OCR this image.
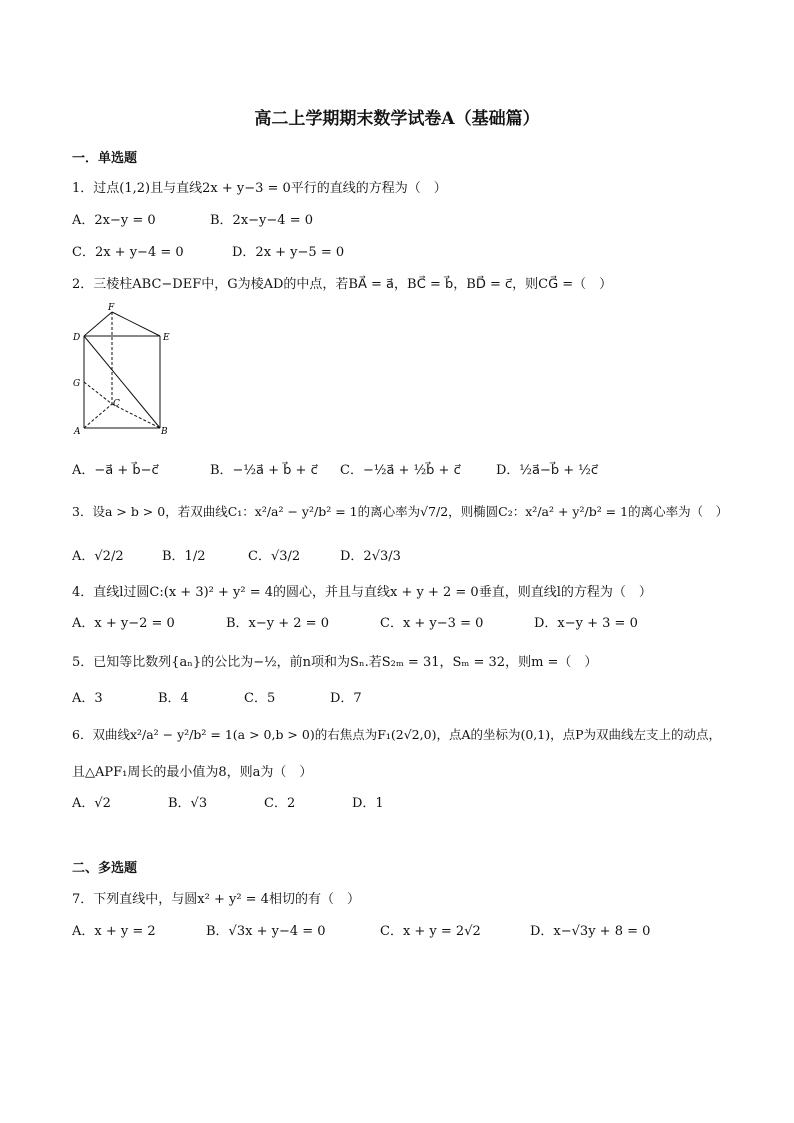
高二上学期期末数学试卷A（基础篇）
一．单选题
1．过点(1,2)且与直线2x + y−3 = 0平行的直线的方程为（　）
A．2x−y = 0	B．2x−y−4 = 0
C．2x + y−4 = 0	D．2x + y−5 = 0
2．三棱柱ABC−DEF中，G为棱AD的中点，若BA⃗ = a⃗，BC⃗ = b⃗，BD⃗ = c⃗，则CG⃗ =（　）
F
D	E
G
C
A	B
A．−a⃗ + b⃗−c⃗	B．−½a⃗ + b⃗ + c⃗ C．−½a⃗ + ½b⃗ + c⃗	D．½a⃗−b⃗ + ½c⃗
3．设a > b > 0，若双曲线C₁：x²/a² − y²/b² = 1的离心率为√7/2，则椭圆C₂：x²/a² + y²/b² = 1的离心率为（　）
A．√2/2	B．1/2	C．√3/2	D．2√3/3
4．直线l过圆C:(x + 3)² + y² = 4的圆心，并且与直线x + y + 2 = 0垂直，则直线l的方程为（　）
A．x + y−2 = 0	B．x−y + 2 = 0	C．x + y−3 = 0	D．x−y + 3 = 0
5．已知等比数列{aₙ}的公比为−½，前n项和为Sₙ.若S₂ₘ = 31，Sₘ = 32，则m =（　）
A．3	B．4	C．5	D．7
6．双曲线x²/a² − y²/b² = 1(a > 0,b > 0)的右焦点为F₁(2√2,0)，点A的坐标为(0,1)，点P为双曲线左支上的动点，
且△APF₁周长的最小值为8，则a为（　）
A．√2	B．√3	C．2	D．1
二、多选题
7．下列直线中，与圆x² + y² = 4相切的有（　）
A．x + y = 2	B．√3x + y−4 = 0	C．x + y = 2√2	D．x−√3y + 8 = 0
